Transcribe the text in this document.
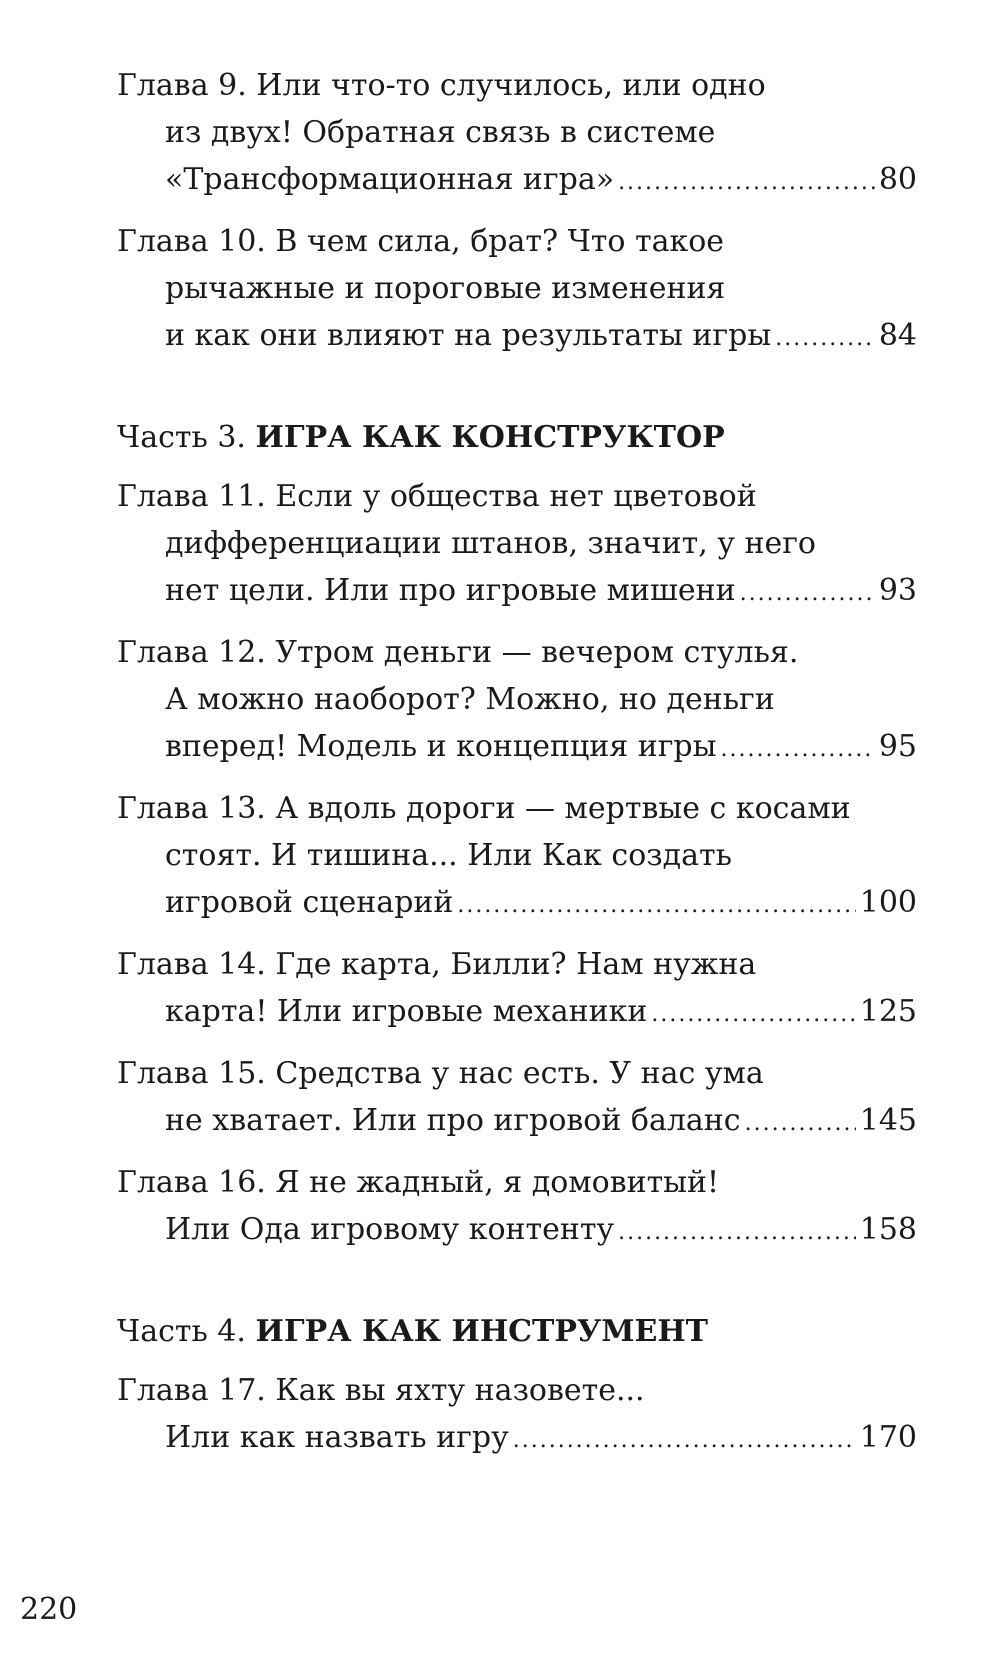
Глава 9. Или что-то случилось, или одно
из двух! Обратная связь в системе
«Трансформационная игра» .....	80
Глава 10. В чем сила, брат? Что такое
рычажные и пороговые изменения
и как они влияют на результаты игры .....	84
Часть 3. ИГРА КАК КОНСТРУКТОР
Глава 11. Если у общества нет цветовой
дифференциации штанов, значит, у него
нет цели. Или про игровые мишени .....	93
Глава 12. Утром деньги — вечером стулья.
А можно наоборот? Можно, но деньги
вперед! Модель и концепция игры .....	95
Глава 13. А вдоль дороги — мертвые с косами
стоят. И тишина... Или Как создать
игровой сценарий .....	100
Глава 14. Где карта, Билли? Нам нужна
карта! Или игровые механики .....	125
Глава 15. Средства у нас есть. У нас ума
не хватает. Или про игровой баланс .....	145
Глава 16. Я не жадный, я домовитый!
Или Ода игровому контенту .....	158
Часть 4. ИГРА КАК ИНСТРУМЕНТ
Глава 17. Как вы яхту назовете...
Или как назвать игру .....	170
220
